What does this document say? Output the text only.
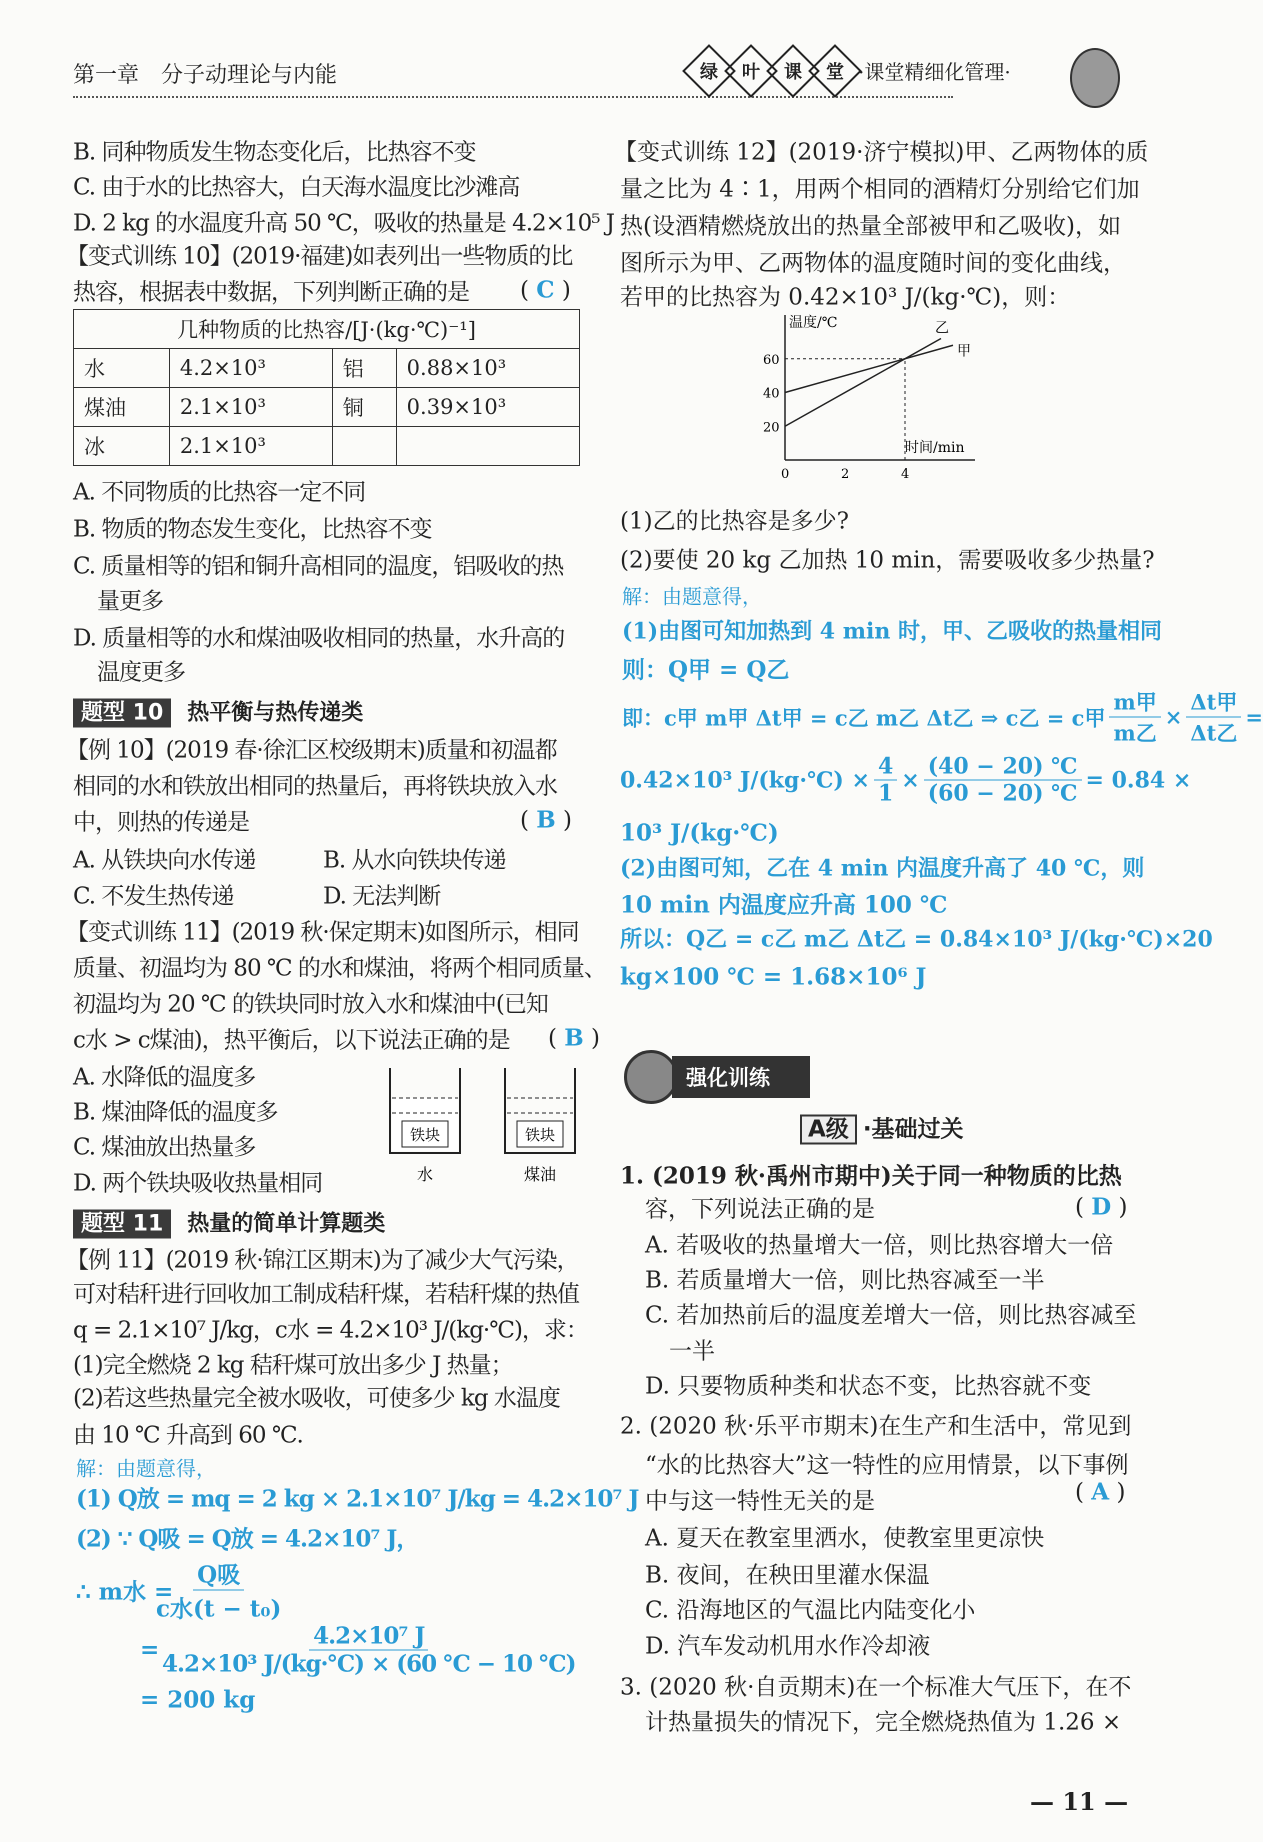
第一章　分子动理论与内能	绿 叶 课 堂 ·课堂精细化管理·
B. 同种物质发生物态变化后，比热容不变
C. 由于水的比热容大，白天海水温度比沙滩高
D. 2 kg 的水温度升高 50 ℃，吸收的热量是 4.2×10⁵ J
【变式训练 10】(2019·福建)如表列出一些物质的比
热容，根据表中数据，下列判断正确的是 ( C )
几种物质的比热容/[J·(kg·℃)⁻¹]			
水	4.2×10³	铝	0.88×10³
煤油	2.1×10³	铜	0.39×10³
冰	2.1×10³		
A. 不同物质的比热容一定不同
B. 物质的物态发生变化，比热容不变
C. 质量相等的铝和铜升高相同的温度，铝吸收的热
量更多
D. 质量相等的水和煤油吸收相同的热量，水升高的
温度更多
题型 10 热平衡与热传递类
【例 10】(2019 春·徐汇区校级期末)质量和初温都
相同的水和铁放出相同的热量后，再将铁块放入水
中，则热的传递是	( B )
A. 从铁块向水传递	B. 从水向铁块传递
C. 不发生热传递	D. 无法判断
【变式训练 11】(2019 秋·保定期末)如图所示，相同
质量、初温均为 80 ℃ 的水和煤油，将两个相同质量、
初温均为 20 ℃ 的铁块同时放入水和煤油中(已知
c水 > c煤油)，热平衡后，以下说法正确的是 ( B )
A. 水降低的温度多
B. 煤油降低的温度多
C. 煤油放出热量多
D. 两个铁块吸收热量相同
铁块
水
铁块
煤油
题型 11 热量的简单计算题类
【例 11】(2019 秋·锦江区期末)为了减少大气污染，
可对秸秆进行回收加工制成秸秆煤，若秸秆煤的热值
q = 2.1×10⁷ J/kg，c水 = 4.2×10³ J/(kg·℃)，求：
(1)完全燃烧 2 kg 秸秆煤可放出多少 J 热量；
(2)若这些热量完全被水吸收，可使多少 kg 水温度
由 10 ℃ 升高到 60 ℃.
解：由题意得，
(1) Q放 = mq = 2 kg × 2.1×10⁷ J/kg = 4.2×10⁷ J
(2) ∵ Q吸 = Q放 = 4.2×10⁷ J，
∴ m水 =
Q吸
c水(t − t₀)
=
$\frac{\text{4.2×10⁷ J}}{\text{4.2×10³ J/(kg·℃) × (60 ℃ − 10 ℃)}}$
= 200 kg
【变式训练 12】(2019·济宁模拟)甲、乙两物体的质
量之比为 4∶1，用两个相同的酒精灯分别给它们加
热(设酒精燃烧放出的热量全部被甲和乙吸收)，如
图所示为甲、乙两物体的温度随时间的变化曲线，
若甲的比热容为 0.42×10³ J/(kg·℃)，则：
温度/℃
时间/min
0	2	4
20
40
60
乙
甲
(1)乙的比热容是多少?
(2)要使 20 kg 乙加热 10 min，需要吸收多少热量?
解：由题意得，
(1)由图可知加热到 4 min 时，甲、乙吸收的热量相同
则：Q甲 = Q乙
即：c甲 m甲 Δt甲 = c乙 m乙 Δt乙 ⇒ c乙 = c甲 $\frac{\text{m甲}}{\text{m乙}} \times \frac{\text{Δt甲}}{\text{Δt乙}}$ =
0.42×10³ J/(kg·℃) × $\frac{4}{1} \times \frac{(40 - 20) ℃}{(60 - 20) ℃} = 0.84$ ×
10³ J/(kg·℃)
(2)由图可知，乙在 4 min 内温度升高了 40 ℃，则
10 min 内温度应升高 100 ℃
所以：Q乙 = c乙 m乙 Δt乙 = 0.84×10³ J/(kg·℃)×20
kg×100 ℃ = 1.68×10⁶ J
强化训练
A级 ·基础过关
1. (2019 秋·禹州市期中)关于同一种物质的比热
容，下列说法正确的是	( D )
A. 若吸收的热量增大一倍，则比热容增大一倍
B. 若质量增大一倍，则比热容减至一半
C. 若加热前后的温度差增大一倍，则比热容减至
一半
D. 只要物质种类和状态不变，比热容就不变
2. (2020 秋·乐平市期末)在生产和生活中，常见到
“水的比热容大”这一特性的应用情景，以下事例
中与这一特性无关的是	( A )
A. 夏天在教室里洒水，使教室里更凉快
B. 夜间，在秧田里灌水保温
C. 沿海地区的气温比内陆变化小
D. 汽车发动机用水作冷却液
3. (2020 秋·自贡期末)在一个标准大气压下，在不
计热量损失的情况下，完全燃烧热值为 1.26 ×
— 11 —
